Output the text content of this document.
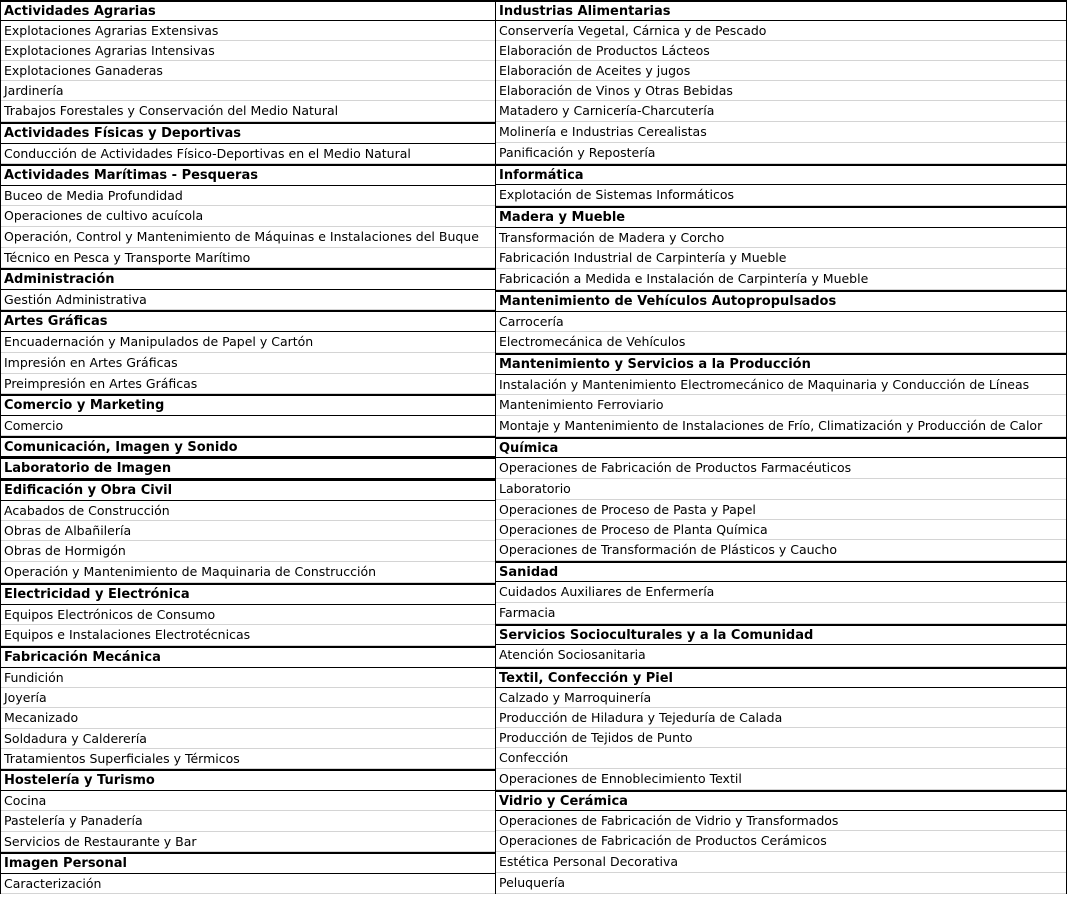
Actividades Agrarias
Explotaciones Agrarias Extensivas
Explotaciones Agrarias Intensivas
Explotaciones Ganaderas
Jardinería
Trabajos Forestales y Conservación del Medio Natural
Actividades Físicas y Deportivas
Conducción de Actividades Físico-Deportivas en el Medio Natural
Actividades Marítimas - Pesqueras
Buceo de Media Profundidad
Operaciones de cultivo acuícola
Operación, Control y Mantenimiento de Máquinas e Instalaciones del Buque
Técnico en Pesca y Transporte Marítimo
Administración
Gestión Administrativa
Artes Gráficas
Encuadernación y Manipulados de Papel y Cartón
Impresión en Artes Gráficas
Preimpresión en Artes Gráficas
Comercio y Marketing
Comercio
Comunicación, Imagen y Sonido
Laboratorio de Imagen
Edificación y Obra Civil
Acabados de Construcción
Obras de Albañilería
Obras de Hormigón
Operación y Mantenimiento de Maquinaria de Construcción
Electricidad y Electrónica
Equipos Electrónicos de Consumo
Equipos e Instalaciones Electrotécnicas
Fabricación Mecánica
Fundición
Joyería
Mecanizado
Soldadura y Calderería
Tratamientos Superficiales y Térmicos
Hostelería y Turismo
Cocina
Pastelería y Panadería
Servicios de Restaurante y Bar
Imagen Personal
Caracterización
Industrias Alimentarias
Conservería Vegetal, Cárnica y de Pescado
Elaboración de Productos Lácteos
Elaboración de Aceites y jugos
Elaboración de Vinos y Otras Bebidas
Matadero y Carnicería-Charcutería
Molinería e Industrias Cerealistas
Panificación y Repostería
Informática
Explotación de Sistemas Informáticos
Madera y Mueble
Transformación de Madera y Corcho
Fabricación Industrial de Carpintería y Mueble
Fabricación a Medida e Instalación de Carpintería y Mueble
Mantenimiento de Vehículos Autopropulsados
Carrocería
Electromecánica de Vehículos
Mantenimiento y Servicios a la Producción
Instalación y Mantenimiento Electromecánico de Maquinaria y Conducción de Líneas
Mantenimiento Ferroviario
Montaje y Mantenimiento de Instalaciones de Frío, Climatización y Producción de Calor
Química
Operaciones de Fabricación de Productos Farmacéuticos
Laboratorio
Operaciones de Proceso de Pasta y Papel
Operaciones de Proceso de Planta Química
Operaciones de Transformación de Plásticos y Caucho
Sanidad
Cuidados Auxiliares de Enfermería
Farmacia
Servicios Socioculturales y a la Comunidad
Atención Sociosanitaria
Textil, Confección y Piel
Calzado y Marroquinería
Producción de Hiladura y Tejeduría de Calada
Producción de Tejidos de Punto
Confección
Operaciones de Ennoblecimiento Textil
Vidrio y Cerámica
Operaciones de Fabricación de Vidrio y Transformados
Operaciones de Fabricación de Productos Cerámicos
Estética Personal Decorativa
Peluquería
